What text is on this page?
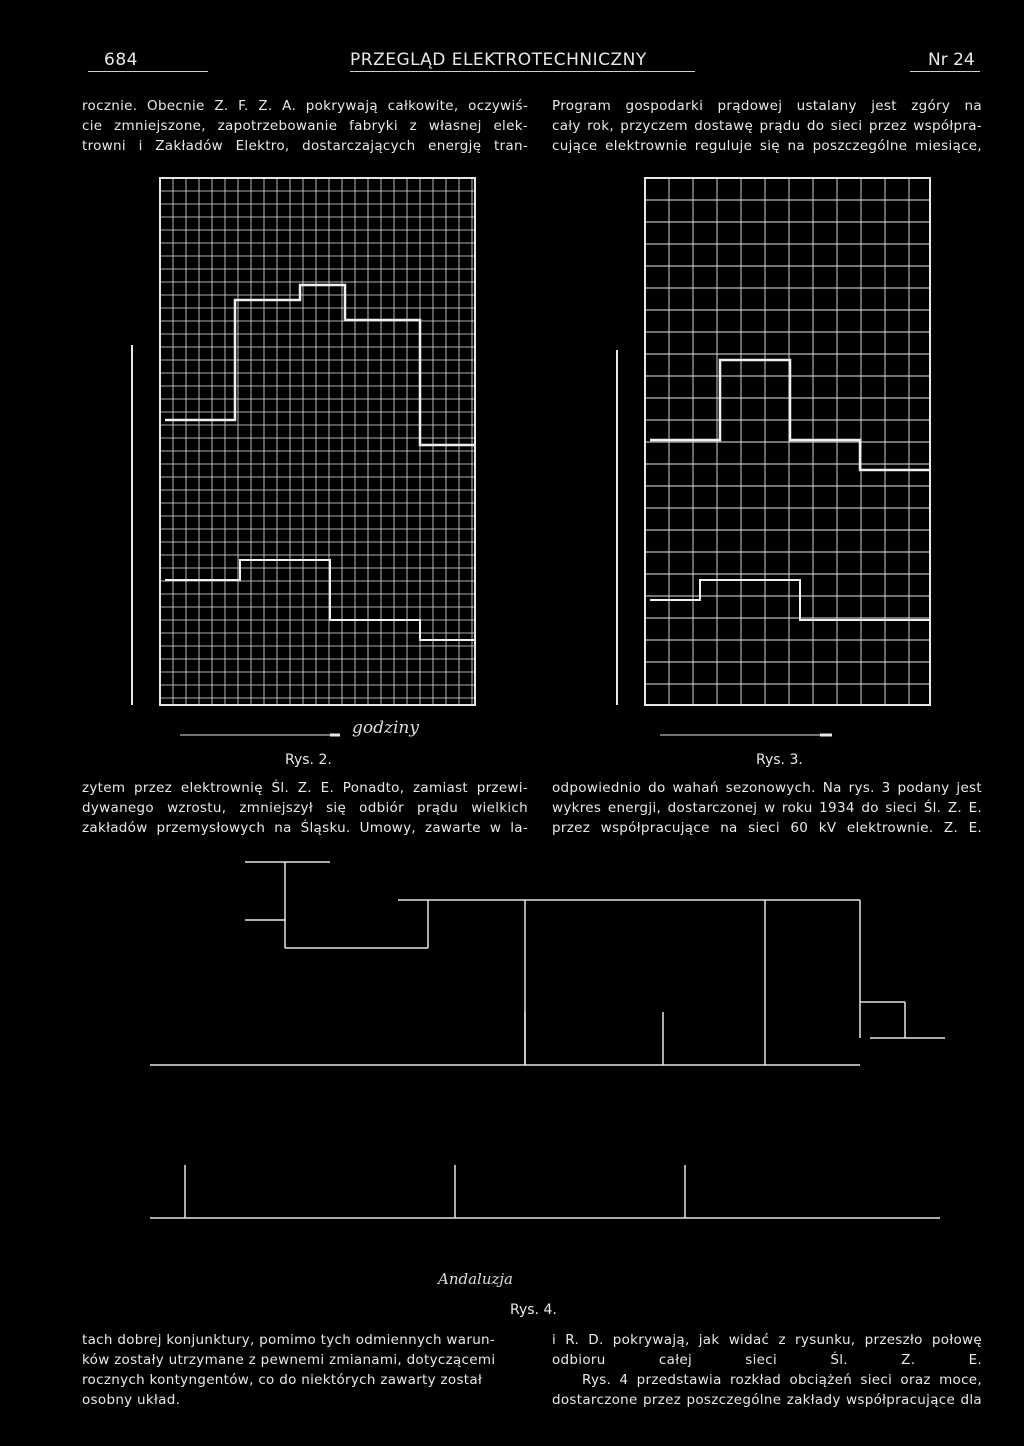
684	PRZEGLĄD ELEKTROTECHNICZNY	Nr 24
rocznie. Obecnie Z. F. Z. A. pokrywają całkowite, oczywiś-
cie zmniejszone, zapotrzebowanie fabryki z własnej elek-
trowni i Zakładów Elektro, dostarczających energję tran-
Program gospodarki prądowej ustalany jest zgóry na
cały rok, przyczem dostawę prądu do sieci przez współpra-
cujące elektrownie reguluje się na poszczególne miesiące,
godziny
Rys. 2.	Rys. 3.
zytem przez elektrownię Śl. Z. E. Ponadto, zamiast przewi-
dywanego wzrostu, zmniejszył się odbiór prądu wielkich
zakładów przemysłowych na Śląsku. Umowy, zawarte w la-
odpowiednio do wahań sezonowych. Na rys. 3 podany jest
wykres energji, dostarczonej w roku 1934 do sieci Śl. Z. E.
przez współpracujące na sieci 60 kV elektrownie. Z. E.
Andaluzja
Rys. 4.
tach dobrej konjunktury, pomimo tych odmiennych warun-
ków zostały utrzymane z pewnemi zmianami, dotyczącemi
rocznych kontyngentów, co do niektórych zawarty został
osobny układ.
i R. D. pokrywają, jak widać z rysunku, przeszło połowę
odbioru całej sieci Śl. Z. E.
Rys. 4 przedstawia rozkład obciążeń sieci oraz moce,
dostarczone przez poszczególne zakłady współpracujące dla
